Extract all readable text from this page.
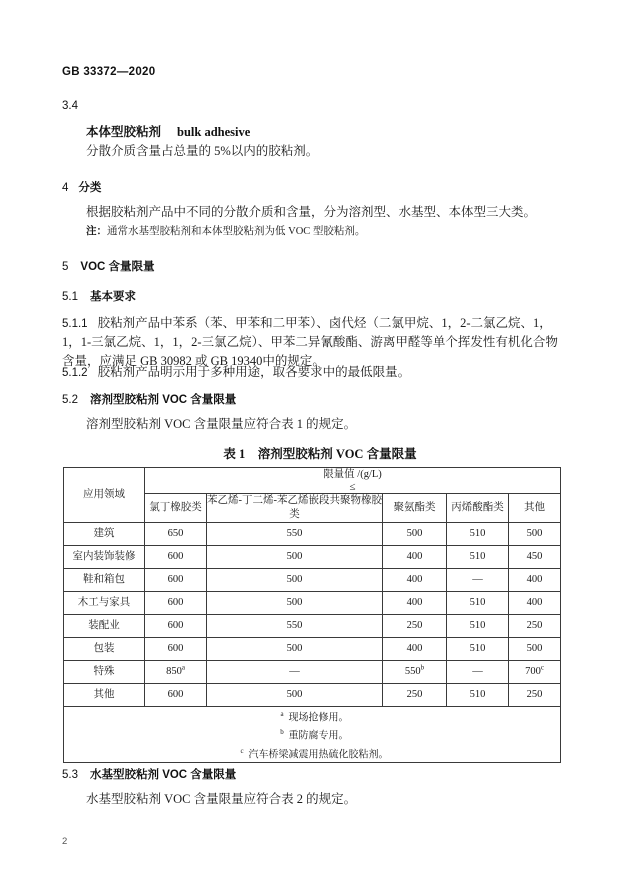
GB 33372—2020
3.4
本体型胶粘剂 bulk adhesive
分散介质含量占总量的 5%以内的胶粘剂。
4 分类
根据胶粘剂产品中不同的分散介质和含量，分为溶剂型、水基型、本体型三大类。
注：通常水基型胶粘剂和本体型胶粘剂为低 VOC 型胶粘剂。
5 VOC 含量限量
5.1 基本要求
5.1.1 胶粘剂产品中苯系（苯、甲苯和二甲苯）、卤代烃（二氯甲烷、1，2-二氯乙烷、1，1，1-三氯乙烷、1，1，2-三氯乙烷）、甲苯二异氰酸酯、游离甲醛等单个挥发性有机化合物含量，应满足 GB 30982 或 GB 19340中的规定。
5.1.2 胶粘剂产品明示用于多种用途，取各要求中的最低限量。
5.2 溶剂型胶粘剂 VOC 含量限量
溶剂型胶粘剂 VOC 含量限量应符合表 1 的规定。
表 1　溶剂型胶粘剂 VOC 含量限量
应用领域	限量值 /(g/L)
≤				

	氯丁橡胶类	苯乙烯-丁二烯-苯乙烯嵌段共聚物橡胶类	聚氨酯类	丙烯酸酯类	其他
建筑	650	550	500	510	500
室内装饰装修	600	500	400	510	450
鞋和箱包	600	500	400	—	400
木工与家具	600	500	400	510	400
装配业	600	550	250	510	250
包装	600	500	400	510	500
特殊	850$^a$	—	550$^b$	—	700$^c$
其他	600	500	250	510	250

a 现场抢修用。
b 重防腐专用。
c 汽车桥梁减震用热硫化胶粘剂。					
5.3 水基型胶粘剂 VOC 含量限量
水基型胶粘剂 VOC 含量限量应符合表 2 的规定。
2
